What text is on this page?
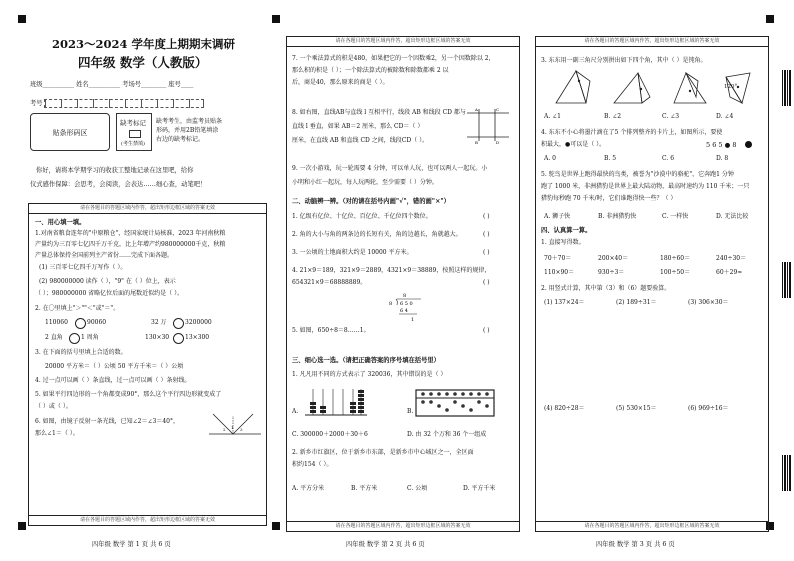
2023～2024 学年度上期期末调研
四年级 数学（人教版）
班级__________ 姓名__________ 考场号________ 座号____
考号
贴条形码区
缺考标记
(考生禁填)
缺考考生，由监考员贴条
形码，并用2B铅笔填涂
右边的缺考标记。
你好，请将本学期学习的收获工整地记录在这里吧，给你
仪式感作保障：会思考，会阅读，会表达……细心查，动笔吧！
请在各题目的答题区域内作答，超出矩形边框区域的答案无效
一、用心填一填。
1.对南省粮食连年的"中原粮仓"，经国家统计局核准，2023 年河南秋粮
产量约为三百零七亿四千万千克，比上年增产约980000000千克，秋粮
产量总体保持全国前列主产省份……完成下面各题。
(1) 三百零七亿四千万写作（ ）。
(2) 980000000 读作（ ），"9" 在（ ）位上，表示
（ ）；980000000 省略亿位后面的尾数近似约是（ ）。
2. 在〇里填上"＞""＜"或"＝"。
110060	90060	32 万	3200000
2 直角	1 周角	130×30	13×300
3. 在下面的括号里填上合适的数。
20000 平方米＝（ ）公顷 50 平方千米＝（ ）公顷
4. 过一点可以画（ ）条直线，过一点可以画（ ）条射线。
5. 如果平行四边形的一个角都变成90°，那么这个平行四边形就变成了
（ ）或（ ）。
6. 如图，由镜子反射一条光线，已知∠2＝∠3＝40°，
那么∠1＝（ ）。
2 1 3
请在各题目的答题区域内作答，超出矩形边框区域的答案无效
四年级 数学 第 1 页 共 6 页
请在各题目的答题区域内作答，超出矩形边框区域的答案无效
7. 一个乘法算式的积是480，如果把它的一个因数乘2，另一个因数除以 2，
那么积的积是（ ）；一个除法算式的被除数和除数都乘 2 以
后，商是40，那么原来的商是（ ）。
8. 如右图，直线AB与直线 l 互相平行，线段 AB 和线段 CD 都与
直线 l 垂直，如果 AB＝2 厘米，那么 CD＝（ ）
厘米，在直线 AB 和直线 CD 之间，线段CD（ ）。
A	C
B	D
9. 一次小游戏，玩一轮需要 4 分钟，可以单人玩，也可以两人一起玩。小
小明和小红一起玩，每人玩两轮，至少需要（ ）分钟。
二、动脑辨一辨。（对的请在括号内画"√"，错的画"×"）
1. 亿级有亿位、十亿位、百亿位、千亿位四个数位。	( )
2. 角的大小与角的两条边的长短有关，角的边越长，角就越大。	( )
3. 一公顷的土地面积大约是 10000 平方米。	( )
4. 21×9＝189，321×9＝2889，4321×9＝38889，按照这样的规律，
654321×9＝68888889。	( )
8
8 6 5 0
6 4
1
5. 如图，650÷8＝8……1。	( )
三、细心选一选。（请把正确答案的序号填在括号里）
1. 凡凡用不同的方式表示了 320036，其中错误的是（ ）
A.	B.
C. 300000＋2000＋30＋6	D. 由 32 个万和 36 个一组成
2. 新乡市红旗区，位于新乡市东部，是新乡市中心城区之一，全区面
积约154（ ）。
A. 平方分米	B. 平方米	C. 公顷	D. 平方千米
请在各题目的答题区域内作答，超出矩形边框区域的答案无效
四年级 数学 第 2 页 共 6 页
请在各题目的答题区域内作答，超出矩形边框区域的答案无效
3. 东东用一副三角尺分别拼出如下四个角，其中（ ）是钝角。
120°
A. ∠1	B. ∠2	C. ∠3	D. ∠4
4. 东东不小心将墨汁滴在了5 个排列整齐的卡片上，如图所示，要使
积最大，●可以是（ ）。	5 6 5 ● 8
A. 0	B. 5	C. 6	D. 8
5. 鸵鸟是世界上跑得最快的鸟类，被誉为"沙漠中的骆驼"，它奔跑1 分钟
跑了 1000 米，非洲猎豹是世界上最大陆动物，最高时速约为 110 千米；一只
猎豹每秒跑 70 千米/时，它们谁跑得快一些？（ ）
A. 狮子快	B. 非洲猎豹快	C. 一样快	D. 无法比较
四、认真算一算。
1. 直接写得数。
70＋70＝	200×40＝	180÷60＝	240÷30＝
110×90＝	930÷3＝	100÷50＝	60＋29≈
2. 用竖式计算，其中第（3）和（6）题要验算。
(1) 137×24＝	(2) 189÷31＝	(3) 306×30＝
(4) 820÷28＝	(5) 530×15＝	(6) 969÷16＝
请在各题目的答题区域内作答，超出矩形边框区域的答案无效
四年级 数学 第 3 页 共 6 页
